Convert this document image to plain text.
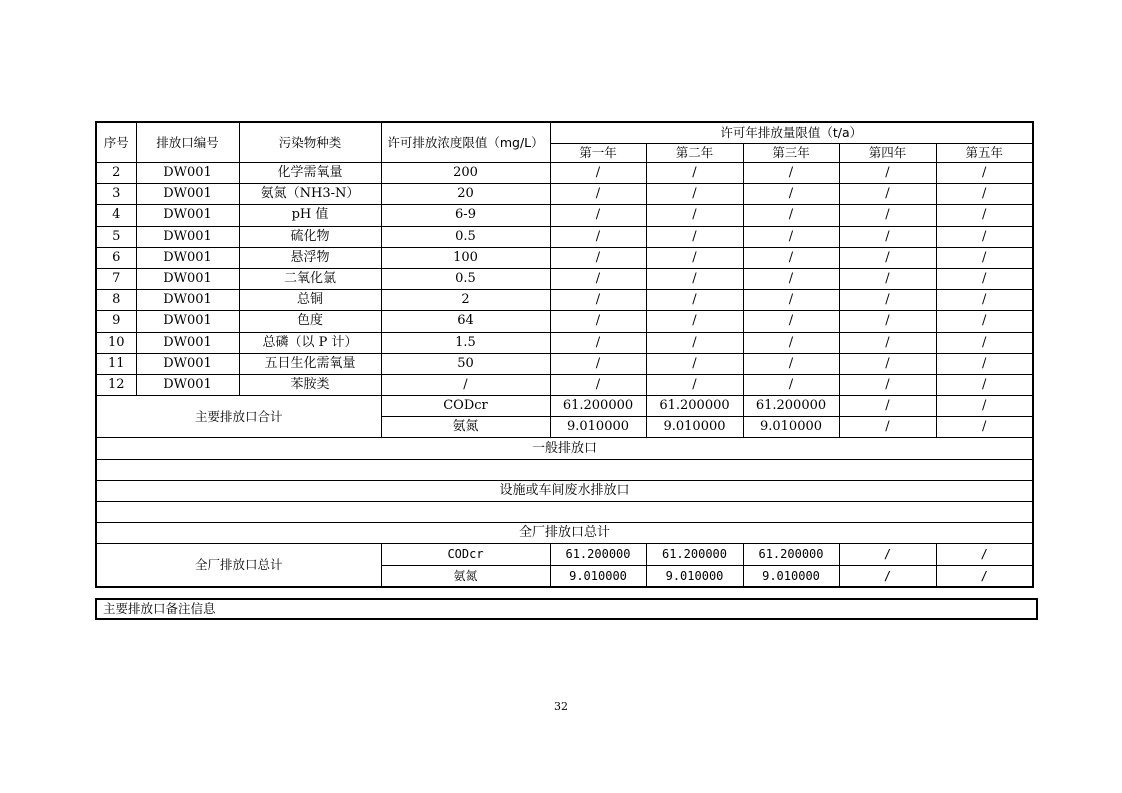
序号	排放口编号	污染物种类	许可排放浓度限值（mg/L）	许可年排放量限值（t/a）				
				第一年	第二年	第三年	第四年	第五年
2	DW001	化学需氧量	200	/	/	/	/	/
3	DW001	氨氮（NH3-N）	20	/	/	/	/	/
4	DW001	pH 值	6-9	/	/	/	/	/
5	DW001	硫化物	0.5	/	/	/	/	/
6	DW001	悬浮物	100	/	/	/	/	/
7	DW001	二氧化氯	0.5	/	/	/	/	/
8	DW001	总铜	2	/	/	/	/	/
9	DW001	色度	64	/	/	/	/	/
10	DW001	总磷（以 P 计）	1.5	/	/	/	/	/
11	DW001	五日生化需氧量	50	/	/	/	/	/
12	DW001	苯胺类	/	/	/	/	/	/
主要排放口合计			CODcr	61.200000	61.200000	61.200000	/	/
			氨氮	9.010000	9.010000	9.010000	/	/
一般排放口								

设施或车间废水排放口								

全厂排放口总计								
全厂排放口总计			CODcr	61.200000	61.200000	61.200000	/	/
			氨氮	9.010000	9.010000	9.010000	/	/
主要排放口备注信息
32
